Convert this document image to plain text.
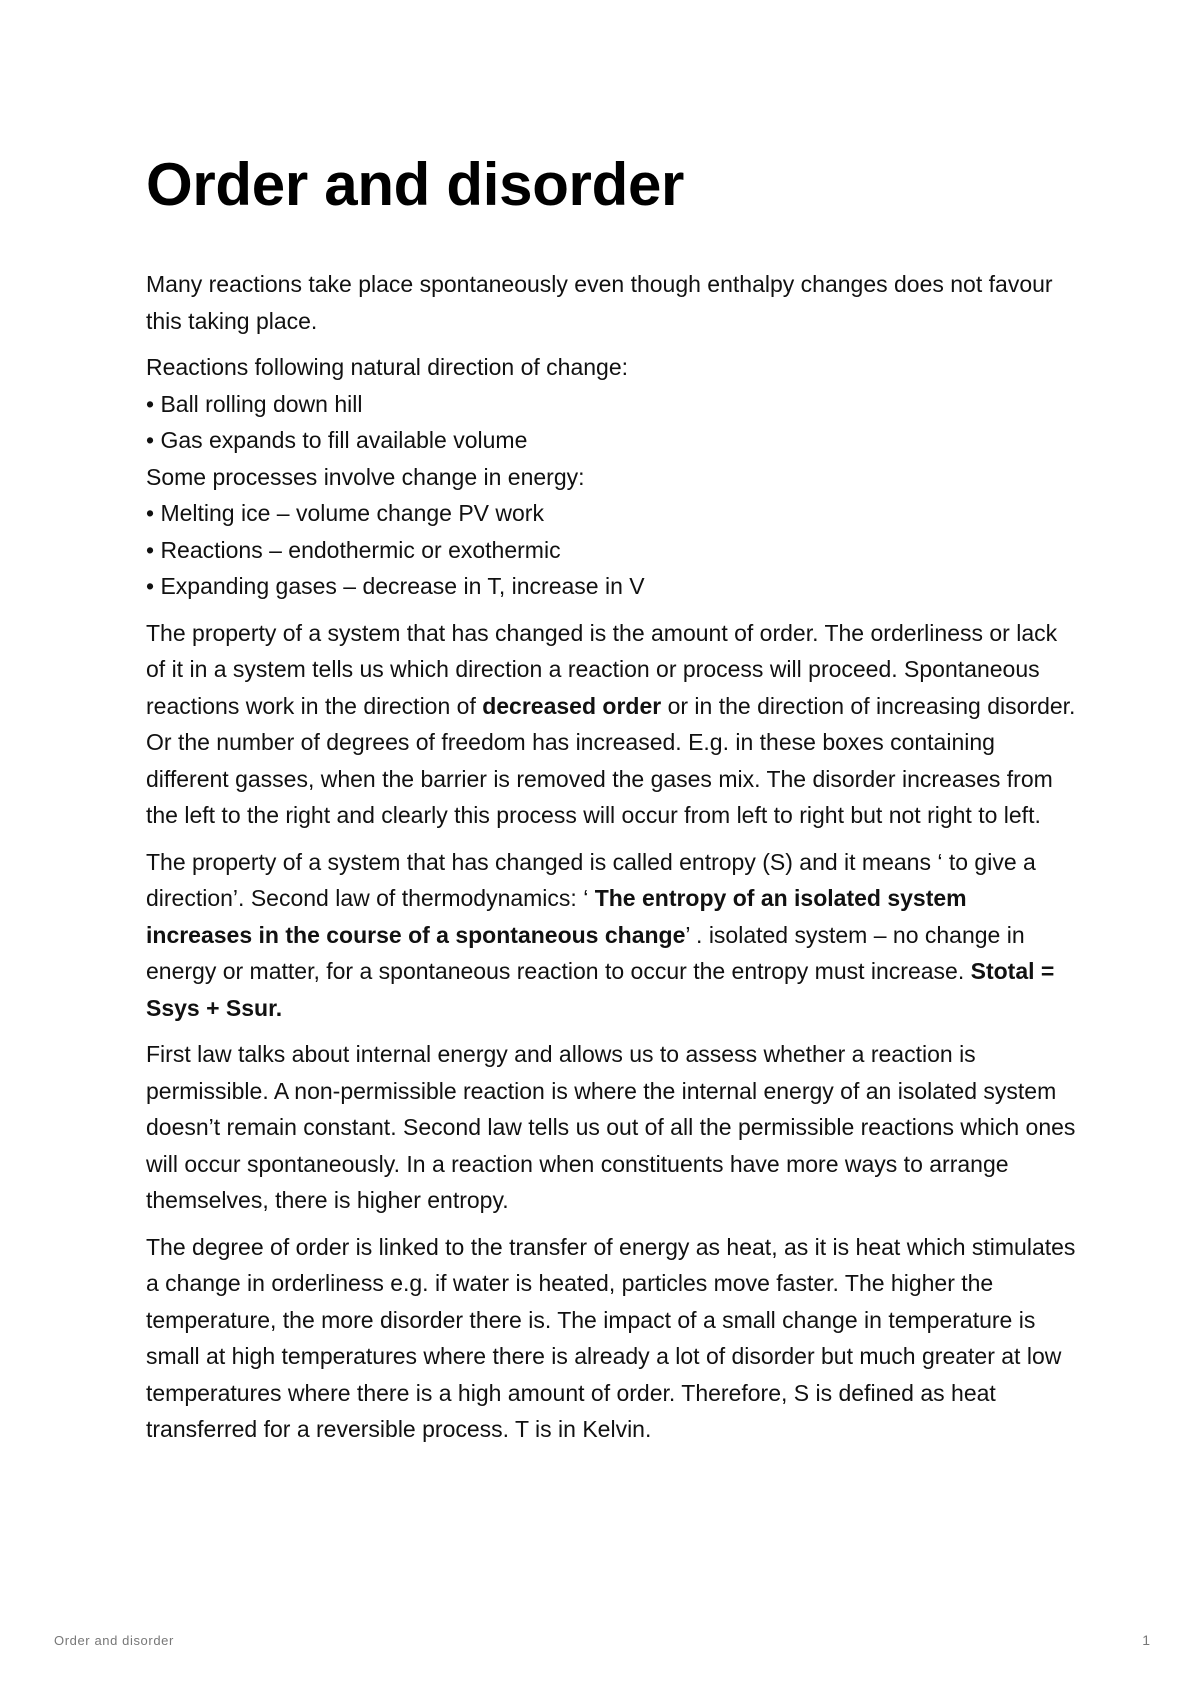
Order and disorder

Many reactions take place spontaneously even though enthalpy changes does not favour this taking place.

Reactions following natural direction of change:
• Ball rolling down hill
• Gas expands to fill available volume
Some processes involve change in energy:
• Melting ice – volume change PV work
• Reactions – endothermic or exothermic
• Expanding gases – decrease in T, increase in V

The property of a system that has changed is the amount of order. The orderliness or lack of it in a system tells us which direction a reaction or process will proceed. Spontaneous reactions work in the direction of decreased order or in the direction of increasing disorder. Or the number of degrees of freedom has increased. E.g. in these boxes containing different gasses, when the barrier is removed the gases mix. The disorder increases from the left to the right and clearly this process will occur from left to right but not right to left.

The property of a system that has changed is called entropy (S) and it means ‘ to give a direction’. Second law of thermodynamics: ‘ The entropy of an isolated system increases in the course of a spontaneous change’ . isolated system – no change in energy or matter, for a spontaneous reaction to occur the entropy must increase. Stotal = Ssys + Ssur.

First law talks about internal energy and allows us to assess whether a reaction is permissible. A non-permissible reaction is where the internal energy of an isolated system doesn’t remain constant. Second law tells us out of all the permissible reactions which ones will occur spontaneously. In a reaction when constituents have more ways to arrange themselves, there is higher entropy.

The degree of order is linked to the transfer of energy as heat, as it is heat which stimulates a change in orderliness e.g. if water is heated, particles move faster. The higher the temperature, the more disorder there is. The impact of a small change in temperature is small at high temperatures where there is already a lot of disorder but much greater at low temperatures where there is a high amount of order. Therefore, S is defined as heat transferred for a reversible process. T is in Kelvin.

Order and disorder	1
